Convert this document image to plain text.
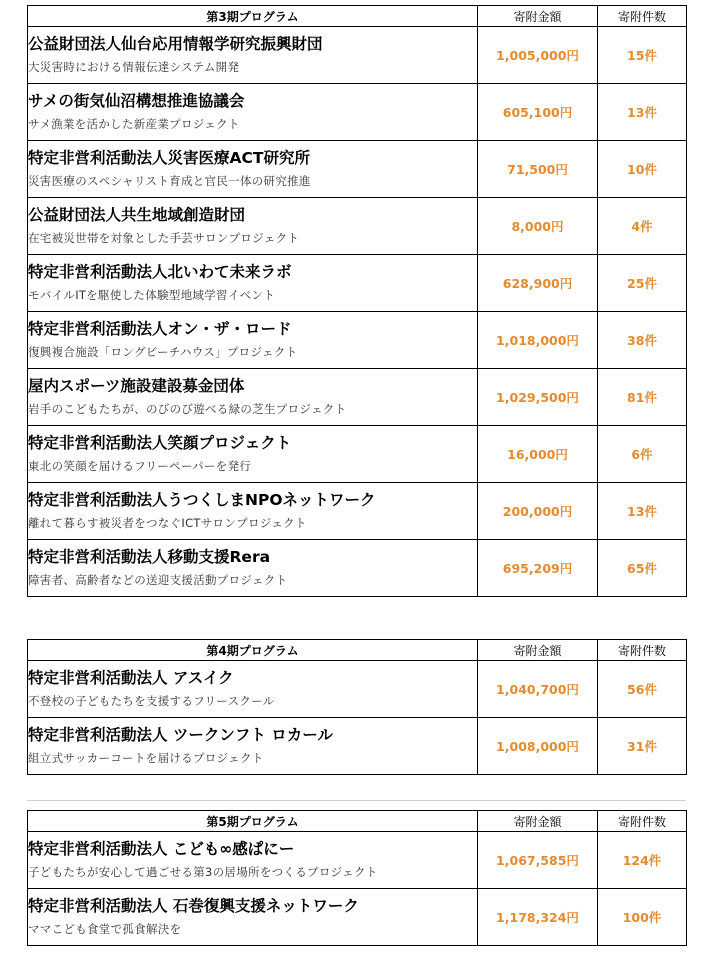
第3期プログラム	寄附金額	寄附件数

公益財団法人仙台応用情報学研究振興財団
大災害時における情報伝達システム開発	1,005,000円	15件

サメの街気仙沼構想推進協議会
サメ漁業を活かした新産業プロジェクト	605,100円	13件

特定非営利活動法人災害医療ACT研究所
災害医療のスペシャリスト育成と官民一体の研究推進	71,500円	10件

公益財団法人共生地域創造財団
在宅被災世帯を対象とした手芸サロンプロジェクト	8,000円	4件

特定非営利活動法人北いわて未来ラボ
モバイルITを駆使した体験型地域学習イベント	628,900円	25件

特定非営利活動法人オン・ザ・ロード
復興複合施設「ロングビーチハウス」プロジェクト	1,018,000円	38件

屋内スポーツ施設建設募金団体
岩手のこどもたちが、のびのび遊べる緑の芝生プロジェクト	1,029,500円	81件

特定非営利活動法人笑顔プロジェクト
東北の笑顔を届けるフリーペーパーを発行	16,000円	6件

特定非営利活動法人うつくしまNPOネットワーク
離れて暮らす被災者をつなぐICTサロンプロジェクト	200,000円	13件

特定非営利活動法人移動支援Rera
障害者、高齢者などの送迎支援活動プロジェクト	695,209円	65件
第4期プログラム	寄附金額	寄附件数

特定非営利活動法人 アスイク
不登校の子どもたちを支援するフリースクール	1,040,700円	56件

特定非営利活動法人 ツークンフト ロカール
組立式サッカーコートを届けるプロジェクト	1,008,000円	31件
第5期プログラム	寄附金額	寄附件数

特定非営利活動法人 こども∞感ぱにー
子どもたちが安心して過ごせる第3の居場所をつくるプロジェクト	1,067,585円	124件

特定非営利活動法人 石巻復興支援ネットワーク
ママこども食堂で孤食解決を	1,178,324円	100件
